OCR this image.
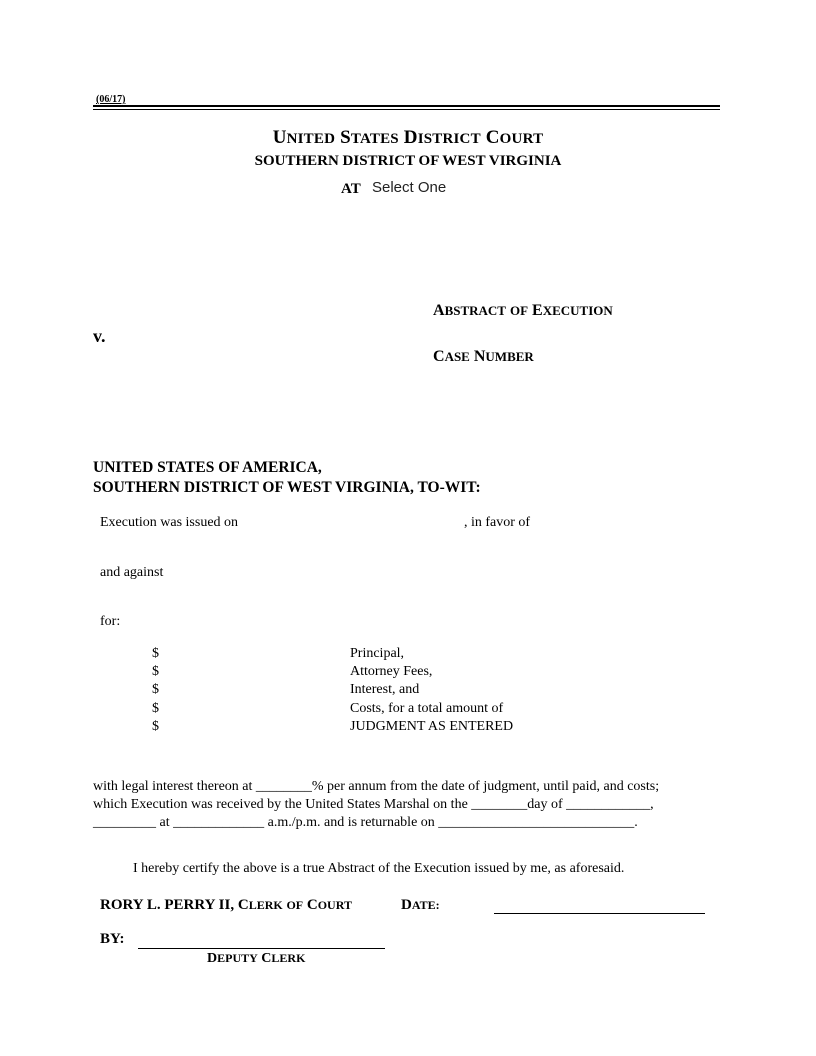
(06/17)
UNITED STATES DISTRICT COURT
SOUTHERN DISTRICT OF WEST VIRGINIA
AT Select One
ABSTRACT OF EXECUTION
v.
CASE NUMBER
UNITED STATES OF AMERICA,
SOUTHERN DISTRICT OF WEST VIRGINIA, TO-WIT:
Execution was issued on	, in favor of
and against
for:
$	Principal,
$	Attorney Fees,
$	Interest, and
$	Costs, for a total amount of
$	JUDGMENT AS ENTERED
with legal interest thereon at ________% per annum from the date of judgment, until paid, and costs;
which Execution was received by the United States Marshal on the ________day of ____________,
_________ at _____________ a.m./p.m. and is returnable on ____________________________.
I hereby certify the above is a true Abstract of the Execution issued by me, as aforesaid.
RORY L. PERRY II, CLERK OF COURT	DATE:
BY:
DEPUTY CLERK
